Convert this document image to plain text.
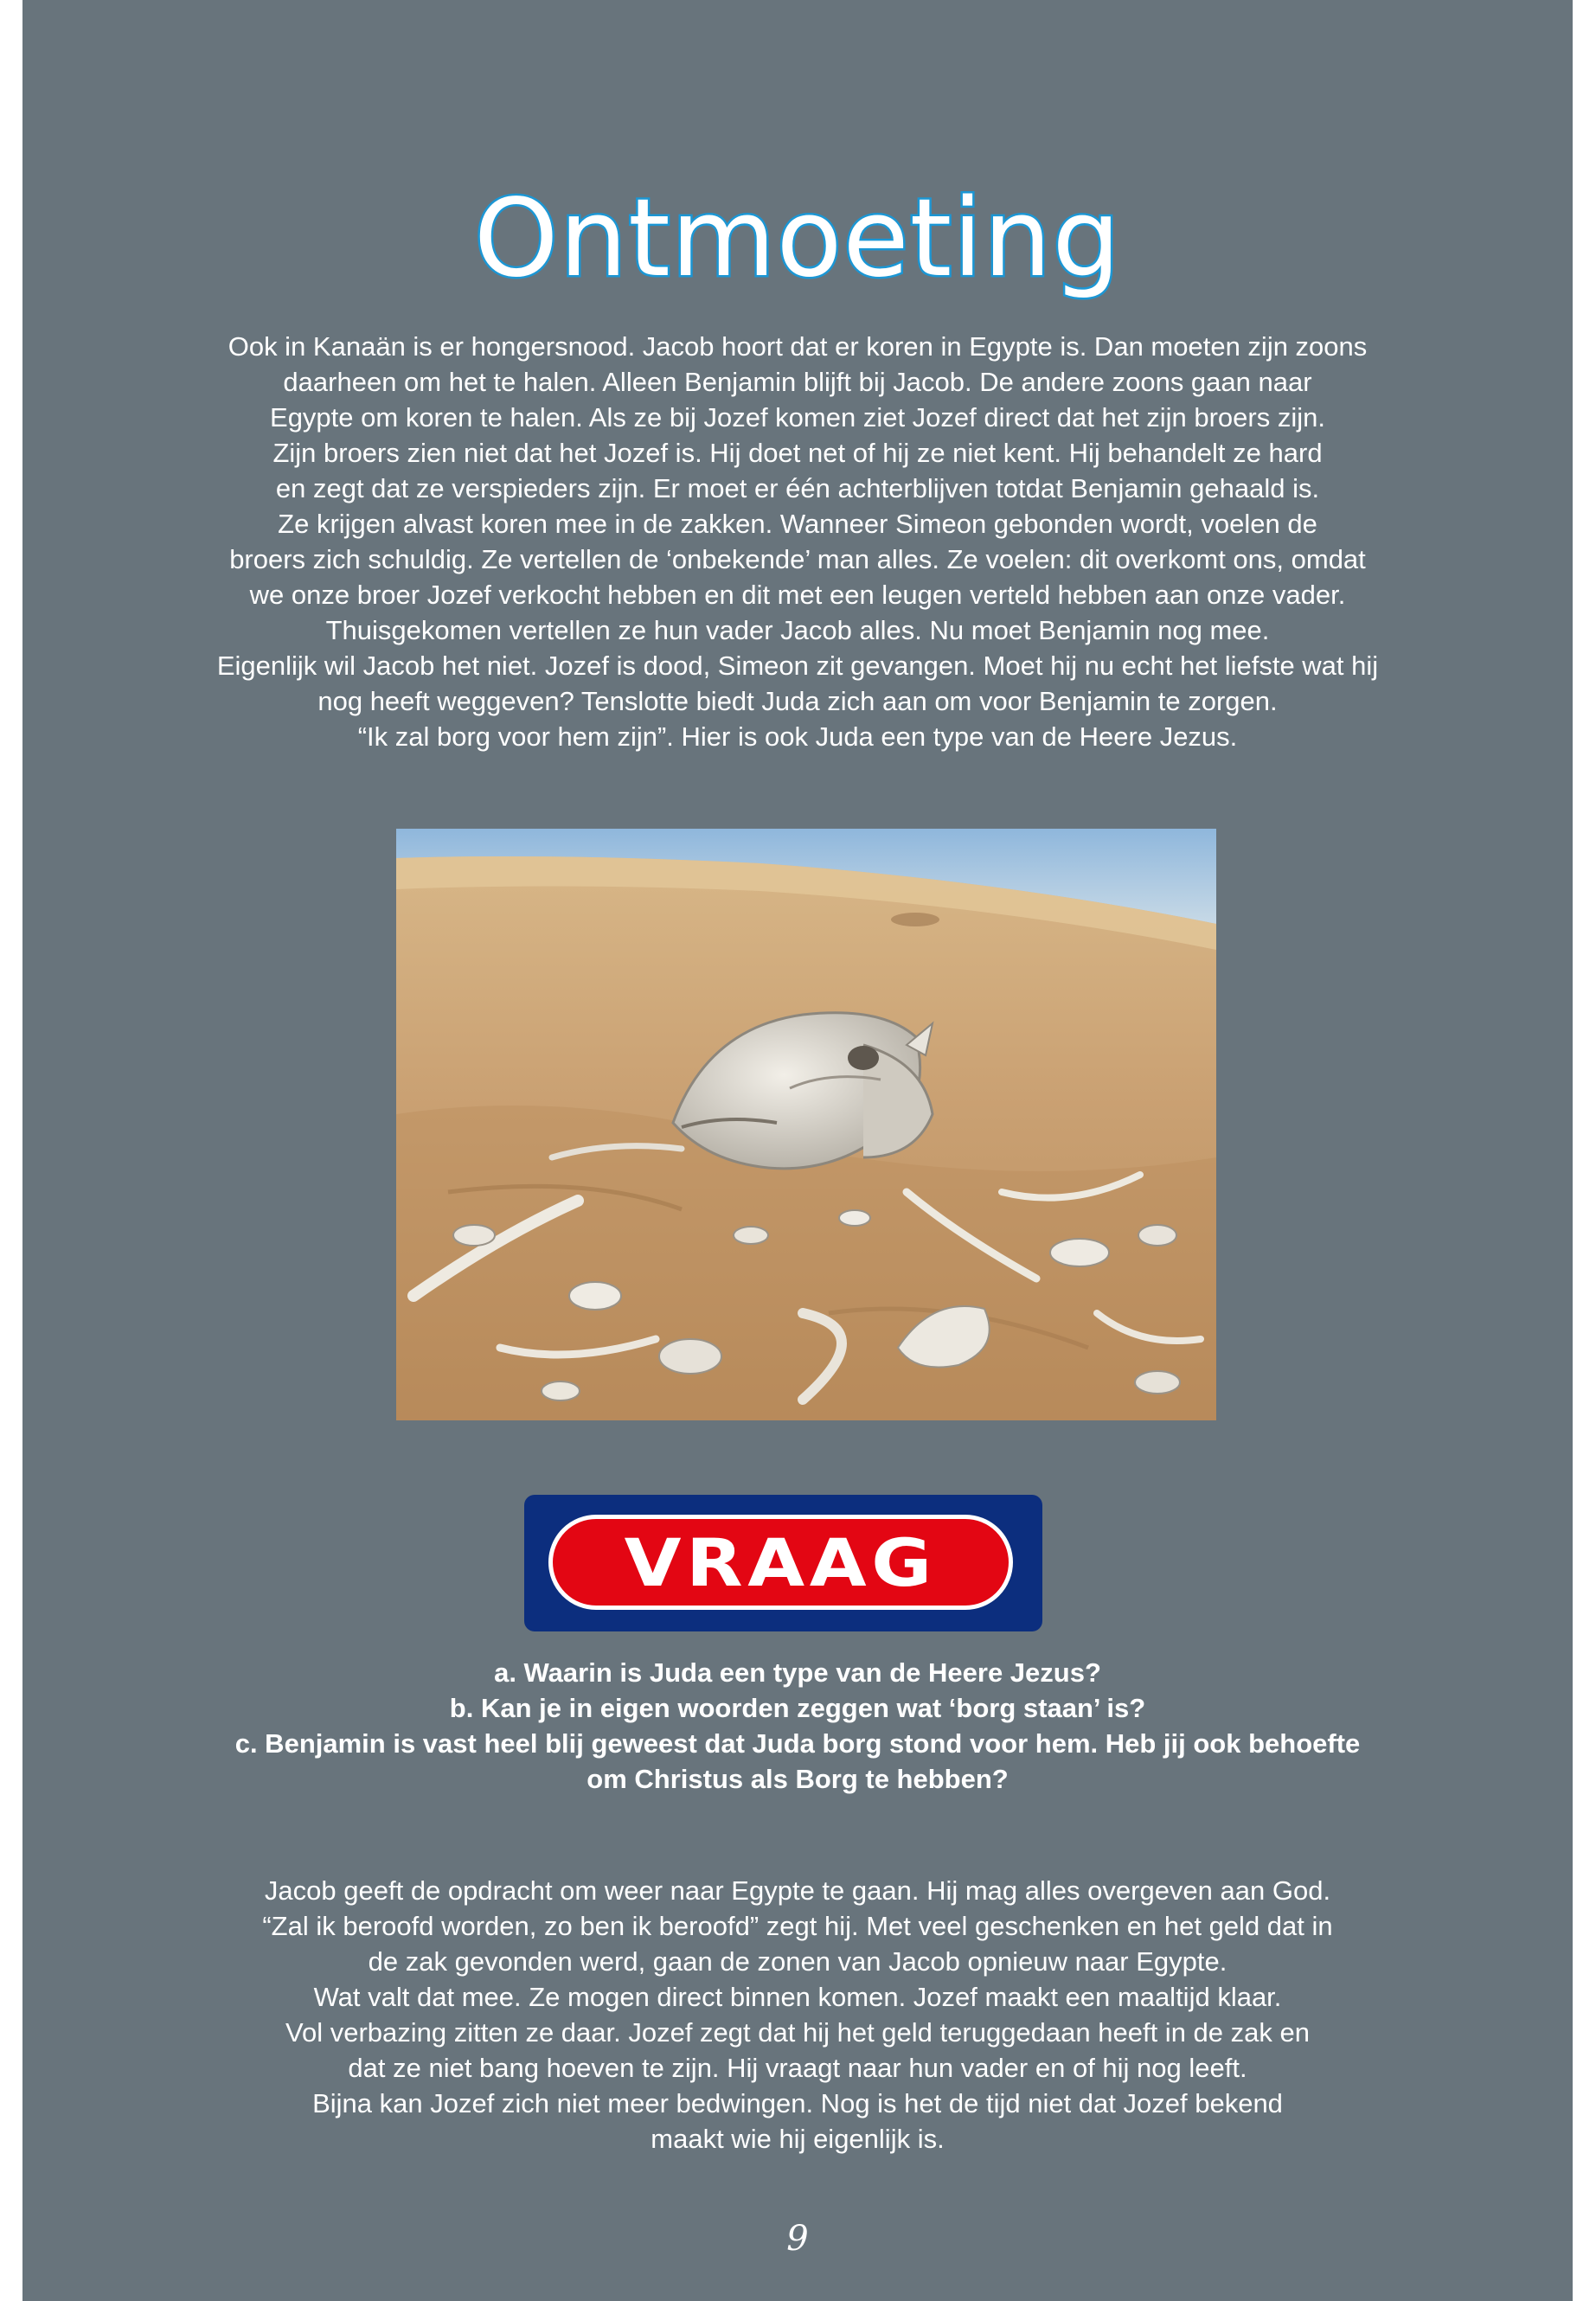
Ontmoeting
Ook in Kanaän is er hongersnood. Jacob hoort dat er koren in Egypte is. Dan moeten zijn zoons
daarheen om het te halen. Alleen Benjamin blijft bij Jacob. De andere zoons gaan naar
Egypte om koren te halen. Als ze bij Jozef komen ziet Jozef direct dat het zijn broers zijn.
Zijn broers zien niet dat het Jozef is. Hij doet net of hij ze niet kent. Hij behandelt ze hard
en zegt dat ze verspieders zijn. Er moet er één achterblijven totdat Benjamin gehaald is.
Ze krijgen alvast koren mee in de zakken. Wanneer Simeon gebonden wordt, voelen de
broers zich schuldig. Ze vertellen de ‘onbekende’ man alles. Ze voelen: dit overkomt ons, omdat
we onze broer Jozef verkocht hebben en dit met een leugen verteld hebben aan onze vader.
Thuisgekomen vertellen ze hun vader Jacob alles. Nu moet Benjamin nog mee.
Eigenlijk wil Jacob het niet. Jozef is dood, Simeon zit gevangen. Moet hij nu echt het liefste wat hij
nog heeft weggeven? Tenslotte biedt Juda zich aan om voor Benjamin te zorgen.
“Ik zal borg voor hem zijn”. Hier is ook Juda een type van de Heere Jezus.
VRAAG
a. Waarin is Juda een type van de Heere Jezus?
b. Kan je in eigen woorden zeggen wat ‘borg staan’ is?
c. Benjamin is vast heel blij geweest dat Juda borg stond voor hem. Heb jij ook behoefte
om Christus als Borg te hebben?
Jacob geeft de opdracht om weer naar Egypte te gaan. Hij mag alles overgeven aan God.
“Zal ik beroofd worden, zo ben ik beroofd” zegt hij. Met veel geschenken en het geld dat in
de zak gevonden werd, gaan de zonen van Jacob opnieuw naar Egypte.
Wat valt dat mee. Ze mogen direct binnen komen. Jozef maakt een maaltijd klaar.
Vol verbazing zitten ze daar. Jozef zegt dat hij het geld teruggedaan heeft in de zak en
dat ze niet bang hoeven te zijn. Hij vraagt naar hun vader en of hij nog leeft.
Bijna kan Jozef zich niet meer bedwingen. Nog is het de tijd niet dat Jozef bekend
maakt wie hij eigenlijk is.
9
